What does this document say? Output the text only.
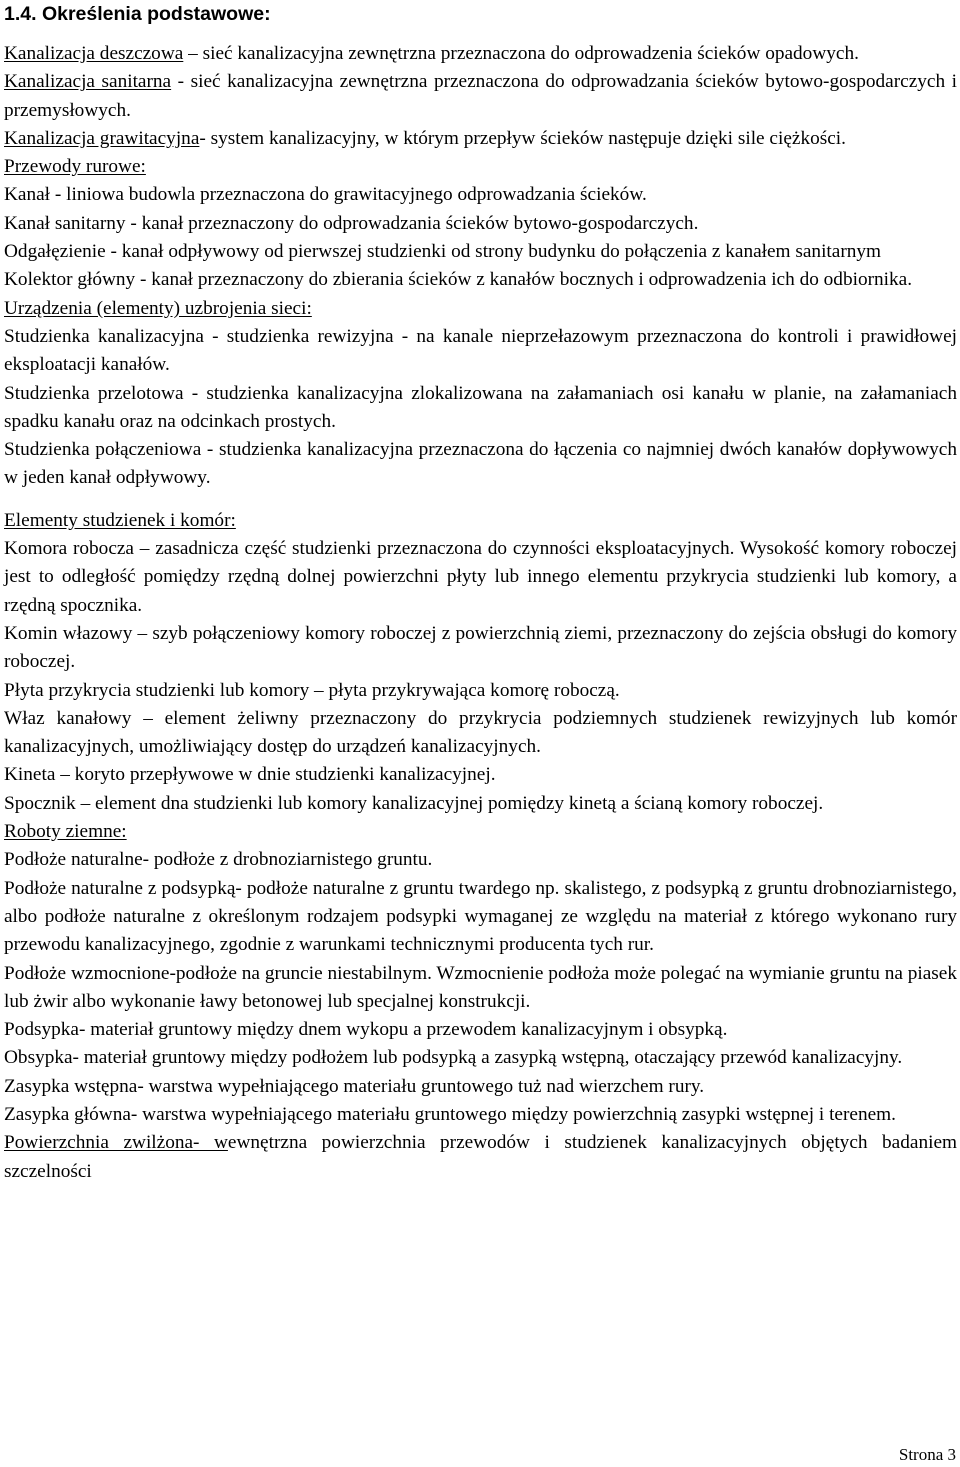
1.4. Określenia podstawowe:

Kanalizacja deszczowa – sieć kanalizacyjna zewnętrzna przeznaczona do odprowadzenia ścieków opadowych.

Kanalizacja sanitarna - sieć kanalizacyjna zewnętrzna przeznaczona do odprowadzania ścieków bytowo-gospodarczych i przemysłowych.

Kanalizacja grawitacyjna- system kanalizacyjny, w którym przepływ ścieków następuje dzięki sile ciężkości.

Przewody rurowe:

Kanał - liniowa budowla przeznaczona do grawitacyjnego odprowadzania ścieków.

Kanał sanitarny - kanał przeznaczony do odprowadzania ścieków bytowo-gospodarczych.

Odgałęzienie - kanał odpływowy od pierwszej studzienki od strony budynku do połączenia z kanałem sanitarnym

Kolektor główny - kanał przeznaczony do zbierania ścieków z kanałów bocznych i odprowadzenia ich do odbiornika.

Urządzenia (elementy) uzbrojenia sieci:

Studzienka kanalizacyjna - studzienka rewizyjna - na kanale nieprzełazowym przeznaczona do kontroli i prawidłowej eksploatacji kanałów.

Studzienka przelotowa - studzienka kanalizacyjna zlokalizowana na załamaniach osi kanału w planie, na załamaniach spadku kanału oraz na odcinkach prostych.

Studzienka połączeniowa - studzienka kanalizacyjna przeznaczona do łączenia co najmniej dwóch kanałów dopływowych w jeden kanał odpływowy.

Elementy studzienek i komór:

Komora robocza – zasadnicza część studzienki przeznaczona do czynności eksploatacyjnych. Wysokość komory roboczej jest to odległość pomiędzy rzędną dolnej powierzchni płyty lub innego elementu przykrycia studzienki lub komory, a rzędną spocznika.

Komin włazowy – szyb połączeniowy komory roboczej z powierzchnią ziemi, przeznaczony do zejścia obsługi do komory roboczej.

Płyta przykrycia studzienki lub komory – płyta przykrywająca komorę roboczą.

Właz kanałowy – element żeliwny przeznaczony do przykrycia podziemnych studzienek rewizyjnych lub komór kanalizacyjnych, umożliwiający dostęp do urządzeń kanalizacyjnych.

Kineta – koryto przepływowe w dnie studzienki kanalizacyjnej.

Spocznik – element dna studzienki lub komory kanalizacyjnej pomiędzy kinetą a ścianą komory roboczej.

Roboty ziemne:

Podłoże naturalne- podłoże z drobnoziarnistego gruntu.

Podłoże naturalne z podsypką- podłoże naturalne z gruntu twardego np. skalistego, z podsypką z gruntu drobnoziarnistego, albo podłoże naturalne z określonym rodzajem podsypki wymaganej ze względu na materiał z którego wykonano rury przewodu kanalizacyjnego, zgodnie z warunkami technicznymi producenta tych rur.

Podłoże wzmocnione-podłoże na gruncie niestabilnym. Wzmocnienie podłoża może polegać na wymianie gruntu na piasek lub żwir albo wykonanie ławy betonowej lub specjalnej konstrukcji.

Podsypka- materiał gruntowy między dnem wykopu a przewodem kanalizacyjnym i obsypką.

Obsypka- materiał gruntowy między podłożem lub podsypką a zasypką wstępną, otaczający przewód kanalizacyjny.

Zasypka wstępna- warstwa wypełniającego materiału gruntowego tuż nad wierzchem rury.

Zasypka główna- warstwa wypełniającego materiału gruntowego między powierzchnią zasypki wstępnej i terenem.

Powierzchnia zwilżona- wewnętrzna powierzchnia przewodów i studzienek kanalizacyjnych objętych badaniem szczelności

Strona 3
